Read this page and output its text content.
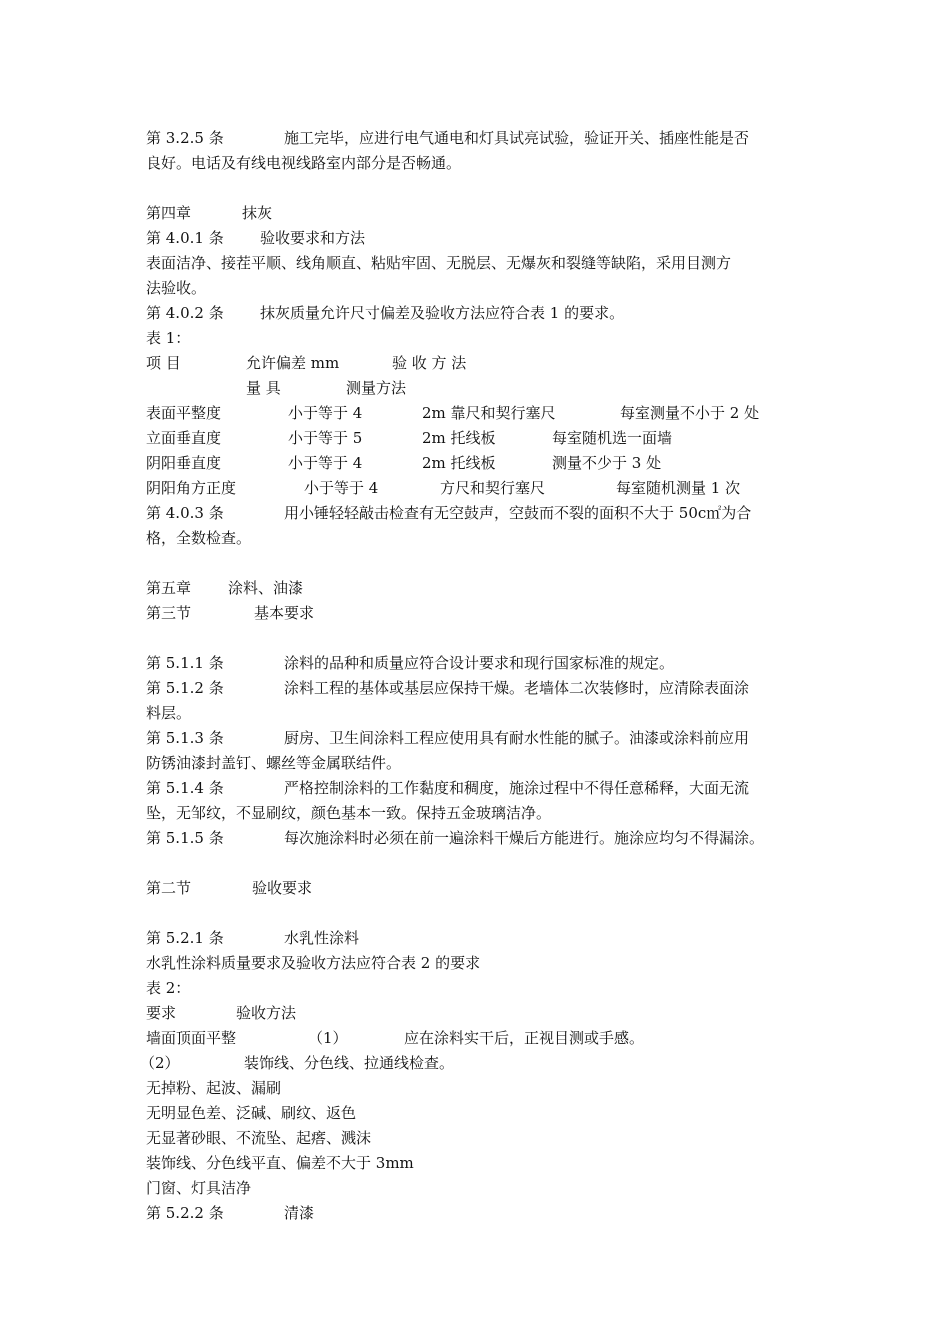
第 3.2.5 条	施工完毕，应进行电气通电和灯具试亮试验，验证开关、插座性能是否
良好。电话及有线电视线路室内部分是否畅通。
第四章	抹灰
第 4.0.1 条 验收要求和方法
表面洁净、接茬平顺、线角顺直、粘贴牢固、无脱层、无爆灰和裂缝等缺陷，采用目测方
法验收。
第 4.0.2 条 抹灰质量允许尺寸偏差及验收方法应符合表 1 的要求。
表 1：
项 目	允许偏差 mm	验 收 方 法
量 具	测量方法
表面平整度	小于等于 4	2m 靠尺和契行塞尺	每室测量不小于 2 处
立面垂直度	小于等于 5	2m 托线板	每室随机选一面墙
阴阳垂直度	小于等于 4	2m 托线板	测量不少于 3 处
阴阳角方正度	小于等于 4	方尺和契行塞尺	每室随机测量 1 次
第 4.0.3 条	用小锤轻轻敲击检查有无空鼓声，空鼓而不裂的面积不大于 50c㎡为合
格，全数检查。
第五章 涂料、油漆
第三节	基本要求
第 5.1.1 条	涂料的品种和质量应符合设计要求和现行国家标准的规定。
第 5.1.2 条	涂料工程的基体或基层应保持干燥。老墙体二次装修时，应清除表面涂
料层。
第 5.1.3 条	厨房、卫生间涂料工程应使用具有耐水性能的腻子。油漆或涂料前应用
防锈油漆封盖钉、螺丝等金属联结件。
第 5.1.4 条	严格控制涂料的工作黏度和稠度，施涂过程中不得任意稀释，大面无流
坠，无邹纹，不显刷纹，颜色基本一致。保持五金玻璃洁净。
第 5.1.5 条	每次施涂料时必须在前一遍涂料干燥后方能进行。施涂应均匀不得漏涂。
第二节	验收要求
第 5.2.1 条	水乳性涂料
水乳性涂料质量要求及验收方法应符合表 2 的要求
表 2：
要求	验收方法
墙面顶面平整	（1）	应在涂料实干后，正视目测或手感。
（2）	装饰线、分色线、拉通线检查。
无掉粉、起波、漏刷
无明显色差、泛碱、刷纹、返色
无显著砂眼、不流坠、起瘩、溅沫
装饰线、分色线平直、偏差不大于 3mm
门窗、灯具洁净
第 5.2.2 条	清漆
